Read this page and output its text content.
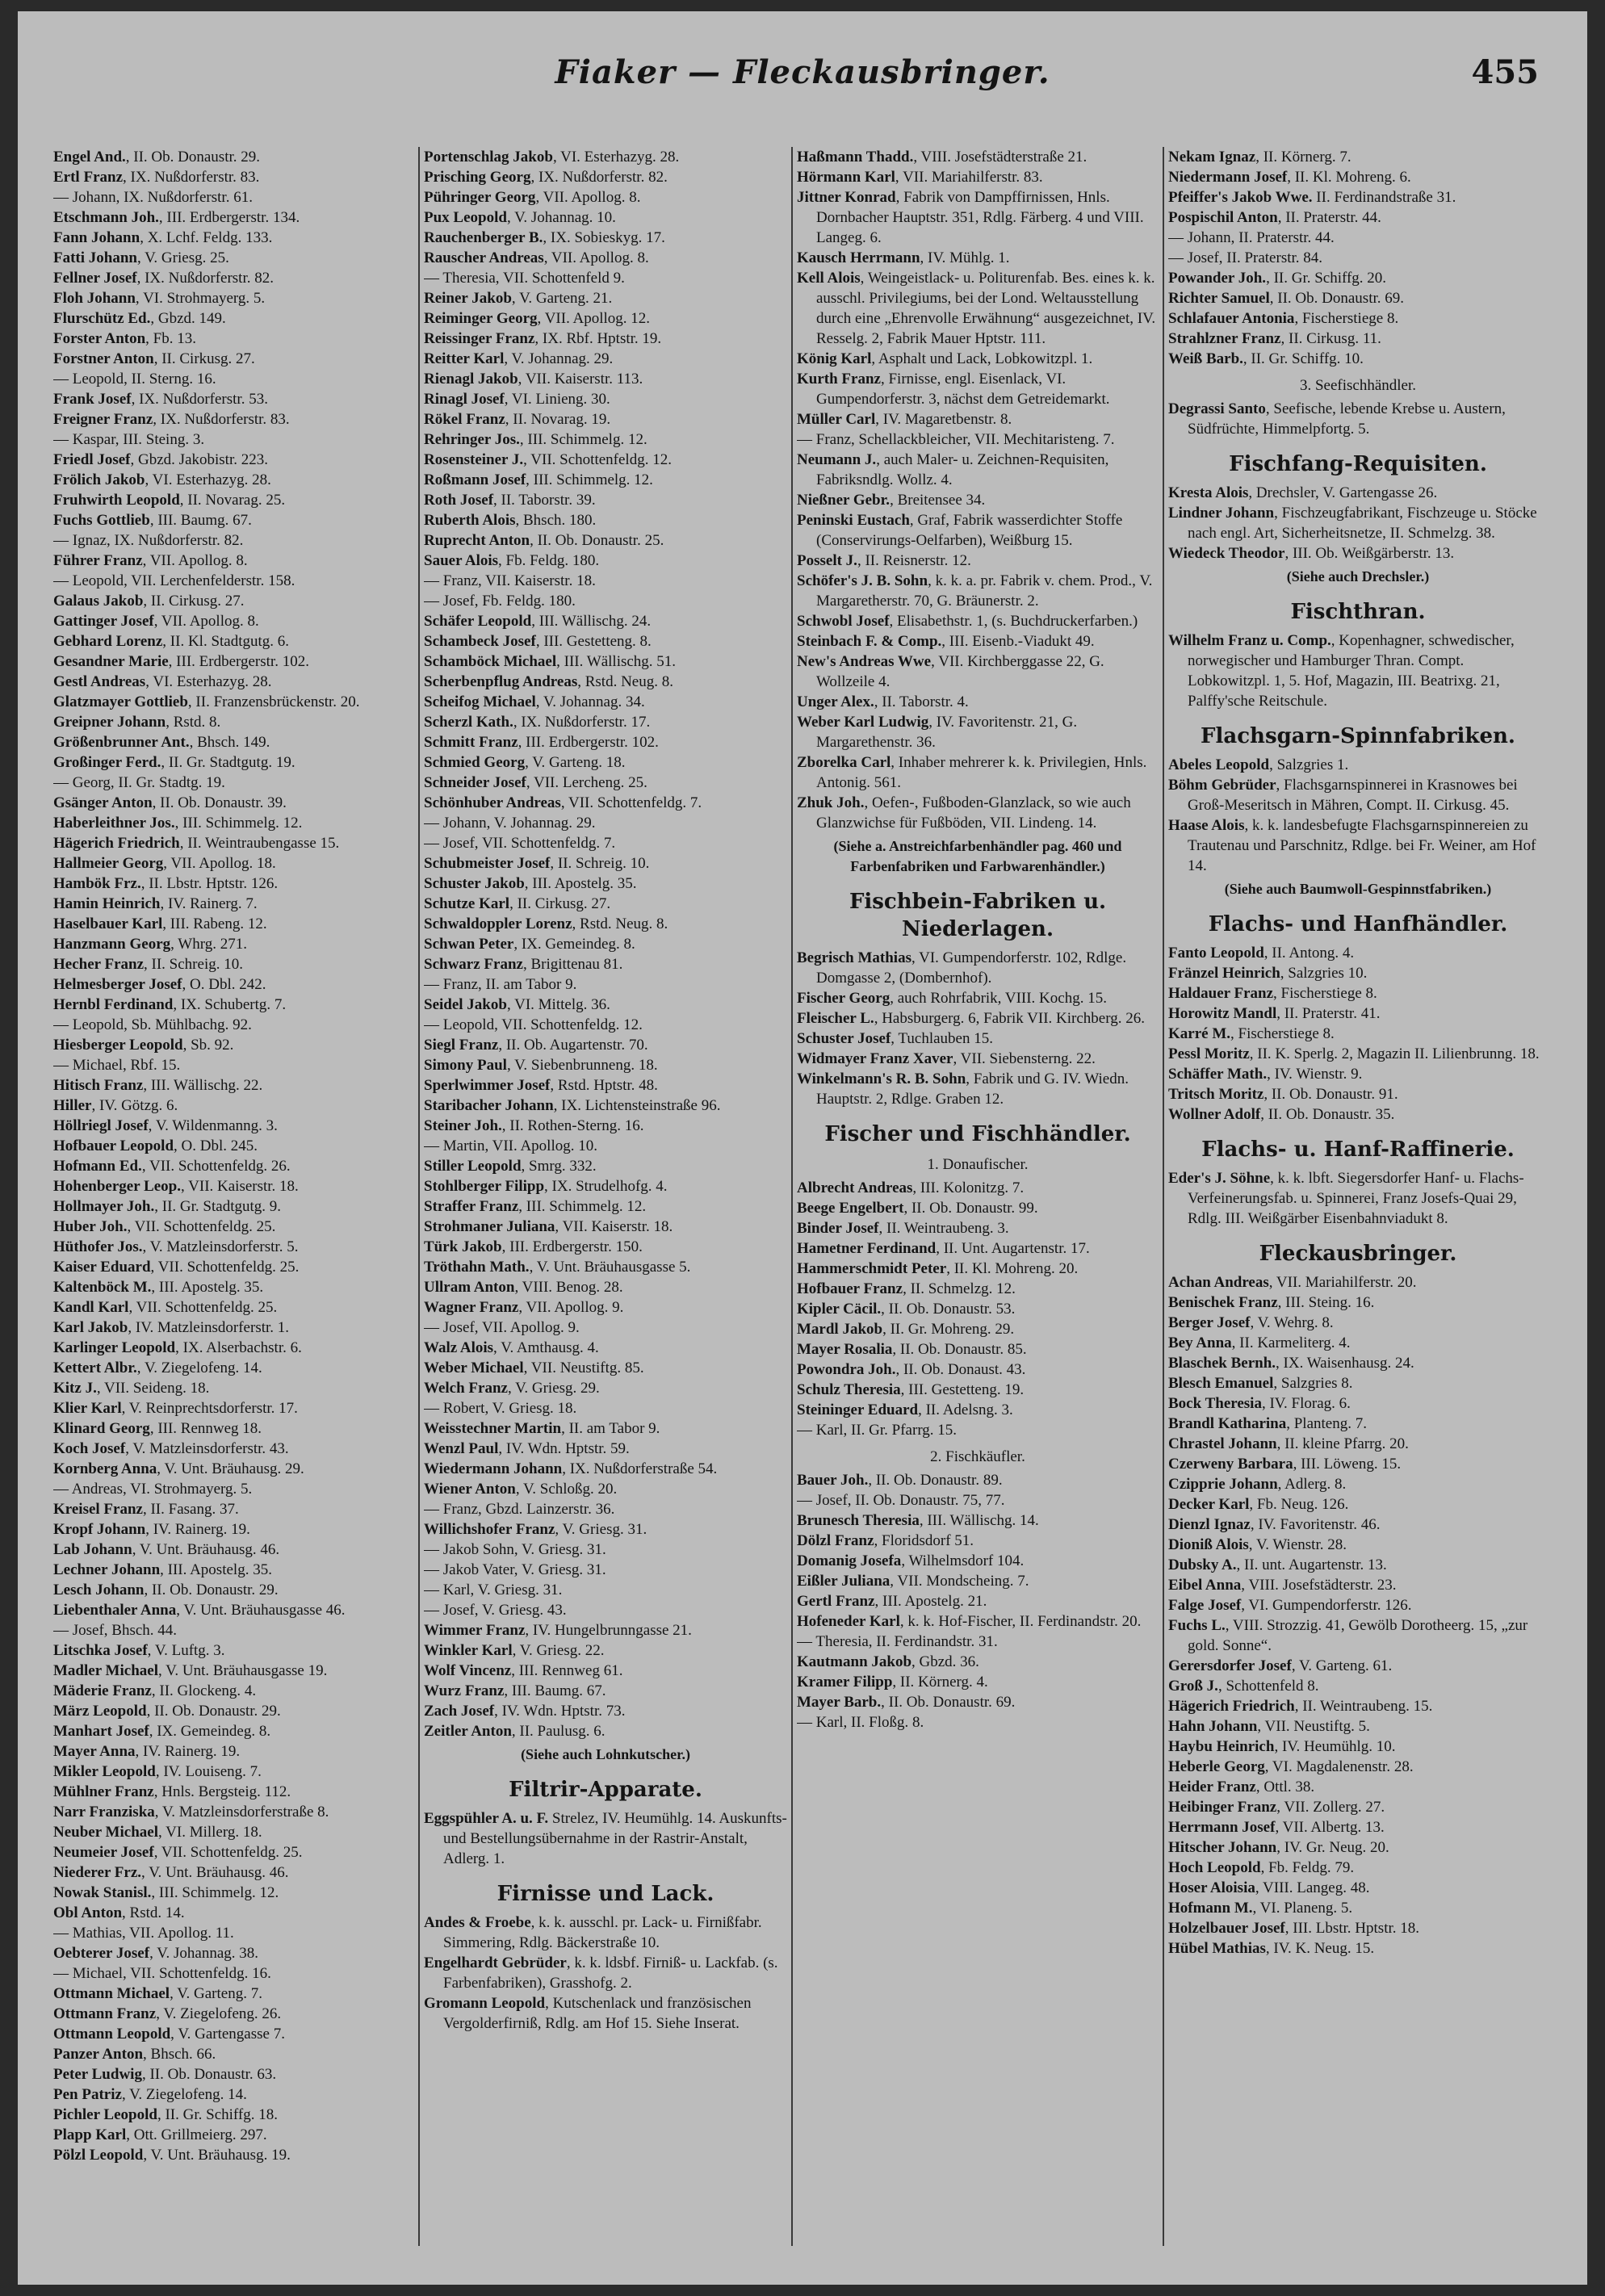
Fiaker — Fleckausbringer.	455
Engel And., II. Ob. Donaustr. 29.
Ertl Franz, IX. Nußdorferstr. 83.
— Johann, IX. Nußdorferstr. 61.
Etschmann Joh., III. Erdbergerstr. 134.
Fann Johann, X. Lchf. Feldg. 133.
Fatti Johann, V. Griesg. 25.
Fellner Josef, IX. Nußdorferstr. 82.
Floh Johann, VI. Strohmayerg. 5.
Flurschütz Ed., Gbzd. 149.
Forster Anton, Fb. 13.
Forstner Anton, II. Cirkusg. 27.
— Leopold, II. Sterng. 16.
Frank Josef, IX. Nußdorferstr. 53.
Freigner Franz, IX. Nußdorferstr. 83.
— Kaspar, III. Steing. 3.
Friedl Josef, Gbzd. Jakobistr. 223.
Frölich Jakob, VI. Esterhazyg. 28.
Fruhwirth Leopold, II. Novarag. 25.
Fuchs Gottlieb, III. Baumg. 67.
— Ignaz, IX. Nußdorferstr. 82.
Führer Franz, VII. Apollog. 8.
— Leopold, VII. Lerchenfelderstr. 158.
Galaus Jakob, II. Cirkusg. 27.
Gattinger Josef, VII. Apollog. 8.
Gebhard Lorenz, II. Kl. Stadtgutg. 6.
Gesandner Marie, III. Erdbergerstr. 102.
Gestl Andreas, VI. Esterhazyg. 28.
Glatzmayer Gottlieb, II. Franzensbrückenstr. 20.
Greipner Johann, Rstd. 8.
Größenbrunner Ant., Bhsch. 149.
Großinger Ferd., II. Gr. Stadtgutg. 19.
— Georg, II. Gr. Stadtg. 19.
Gsänger Anton, II. Ob. Donaustr. 39.
Haberleithner Jos., III. Schimmelg. 12.
Hägerich Friedrich, II. Weintraubengasse 15.
Hallmeier Georg, VII. Apollog. 18.
Hambök Frz., II. Lbstr. Hptstr. 126.
Hamin Heinrich, IV. Rainerg. 7.
Haselbauer Karl, III. Rabeng. 12.
Hanzmann Georg, Whrg. 271.
Hecher Franz, II. Schreig. 10.
Helmesberger Josef, O. Dbl. 242.
Hernbl Ferdinand, IX. Schubertg. 7.
— Leopold, Sb. Mühlbachg. 92.
Hiesberger Leopold, Sb. 92.
— Michael, Rbf. 15.
Hitisch Franz, III. Wällischg. 22.
Hiller, IV. Götzg. 6.
Höllriegl Josef, V. Wildenmanng. 3.
Hofbauer Leopold, O. Dbl. 245.
Hofmann Ed., VII. Schottenfeldg. 26.
Hohenberger Leop., VII. Kaiserstr. 18.
Hollmayer Joh., II. Gr. Stadtgutg. 9.
Huber Joh., VII. Schottenfeldg. 25.
Hüthofer Jos., V. Matzleinsdorferstr. 5.
Kaiser Eduard, VII. Schottenfeldg. 25.
Kaltenböck M., III. Apostelg. 35.
Kandl Karl, VII. Schottenfeldg. 25.
Karl Jakob, IV. Matzleinsdorferstr. 1.
Karlinger Leopold, IX. Alserbachstr. 6.
Kettert Albr., V. Ziegelofeng. 14.
Kitz J., VII. Seideng. 18.
Klier Karl, V. Reinprechtsdorferstr. 17.
Klinard Georg, III. Rennweg 18.
Koch Josef, V. Matzleinsdorferstr. 43.
Kornberg Anna, V. Unt. Bräuhausg. 29.
— Andreas, VI. Strohmayerg. 5.
Kreisel Franz, II. Fasang. 37.
Kropf Johann, IV. Rainerg. 19.
Lab Johann, V. Unt. Bräuhausg. 46.
Lechner Johann, III. Apostelg. 35.
Lesch Johann, II. Ob. Donaustr. 29.
Liebenthaler Anna, V. Unt. Bräuhausgasse 46.
— Josef, Bhsch. 44.
Litschka Josef, V. Luftg. 3.
Madler Michael, V. Unt. Bräuhausgasse 19.
Mäderie Franz, II. Glockeng. 4.
März Leopold, II. Ob. Donaustr. 29.
Manhart Josef, IX. Gemeindeg. 8.
Mayer Anna, IV. Rainerg. 19.
Mikler Leopold, IV. Louiseng. 7.
Mühlner Franz, Hnls. Bergsteig. 112.
Narr Franziska, V. Matzleinsdorferstraße 8.
Neuber Michael, VI. Millerg. 18.
Neumeier Josef, VII. Schottenfeldg. 25.
Niederer Frz., V. Unt. Bräuhausg. 46.
Nowak Stanisl., III. Schimmelg. 12.
Obl Anton, Rstd. 14.
— Mathias, VII. Apollog. 11.
Oebterer Josef, V. Johannag. 38.
— Michael, VII. Schottenfeldg. 16.
Ottmann Michael, V. Garteng. 7.
Ottmann Franz, V. Ziegelofeng. 26.
Ottmann Leopold, V. Gartengasse 7.
Panzer Anton, Bhsch. 66.
Peter Ludwig, II. Ob. Donaustr. 63.
Pen Patriz, V. Ziegelofeng. 14.
Pichler Leopold, II. Gr. Schiffg. 18.
Plapp Karl, Ott. Grillmeierg. 297.
Pölzl Leopold, V. Unt. Bräuhausg. 19.
Portenschlag Jakob, VI. Esterhazyg. 28.
Prisching Georg, IX. Nußdorferstr. 82.
Pühringer Georg, VII. Apollog. 8.
Pux Leopold, V. Johannag. 10.
Rauchenberger B., IX. Sobieskyg. 17.
Rauscher Andreas, VII. Apollog. 8.
— Theresia, VII. Schottenfeld 9.
Reiner Jakob, V. Garteng. 21.
Reiminger Georg, VII. Apollog. 12.
Reissinger Franz, IX. Rbf. Hptstr. 19.
Reitter Karl, V. Johannag. 29.
Rienagl Jakob, VII. Kaiserstr. 113.
Rinagl Josef, VI. Linieng. 30.
Rökel Franz, II. Novarag. 19.
Rehringer Jos., III. Schimmelg. 12.
Rosensteiner J., VII. Schottenfeldg. 12.
Roßmann Josef, III. Schimmelg. 12.
Roth Josef, II. Taborstr. 39.
Ruberth Alois, Bhsch. 180.
Ruprecht Anton, II. Ob. Donaustr. 25.
Sauer Alois, Fb. Feldg. 180.
— Franz, VII. Kaiserstr. 18.
— Josef, Fb. Feldg. 180.
Schäfer Leopold, III. Wällischg. 24.
Schambeck Josef, III. Gestetteng. 8.
Schamböck Michael, III. Wällischg. 51.
Scherbenpflug Andreas, Rstd. Neug. 8.
Scheifog Michael, V. Johannag. 34.
Scherzl Kath., IX. Nußdorferstr. 17.
Schmitt Franz, III. Erdbergerstr. 102.
Schmied Georg, V. Garteng. 18.
Schneider Josef, VII. Lercheng. 25.
Schönhuber Andreas, VII. Schottenfeldg. 7.
— Johann, V. Johannag. 29.
— Josef, VII. Schottenfeldg. 7.
Schubmeister Josef, II. Schreig. 10.
Schuster Jakob, III. Apostelg. 35.
Schutze Karl, II. Cirkusg. 27.
Schwaldoppler Lorenz, Rstd. Neug. 8.
Schwan Peter, IX. Gemeindeg. 8.
Schwarz Franz, Brigittenau 81.
— Franz, II. am Tabor 9.
Seidel Jakob, VI. Mittelg. 36.
— Leopold, VII. Schottenfeldg. 12.
Siegl Franz, II. Ob. Augartenstr. 70.
Simony Paul, V. Siebenbrunneng. 18.
Sperlwimmer Josef, Rstd. Hptstr. 48.
Staribacher Johann, IX. Lichtensteinstraße 96.
Steiner Joh., II. Rothen-Sterng. 16.
— Martin, VII. Apollog. 10.
Stiller Leopold, Smrg. 332.
Stohlberger Filipp, IX. Strudelhofg. 4.
Straffer Franz, III. Schimmelg. 12.
Strohmaner Juliana, VII. Kaiserstr. 18.
Türk Jakob, III. Erdbergerstr. 150.
Tröthahn Math., V. Unt. Bräuhausgasse 5.
Ullram Anton, VIII. Benog. 28.
Wagner Franz, VII. Apollog. 9.
— Josef, VII. Apollog. 9.
Walz Alois, V. Amthausg. 4.
Weber Michael, VII. Neustiftg. 85.
Welch Franz, V. Griesg. 29.
— Robert, V. Griesg. 18.
Weisstechner Martin, II. am Tabor 9.
Wenzl Paul, IV. Wdn. Hptstr. 59.
Wiedermann Johann, IX. Nußdorferstraße 54.
Wiener Anton, V. Schloßg. 20.
— Franz, Gbzd. Lainzerstr. 36.
Willichshofer Franz, V. Griesg. 31.
— Jakob Sohn, V. Griesg. 31.
— Jakob Vater, V. Griesg. 31.
— Karl, V. Griesg. 31.
— Josef, V. Griesg. 43.
Wimmer Franz, IV. Hungelbrunngasse 21.
Winkler Karl, V. Griesg. 22.
Wolf Vincenz, III. Rennweg 61.
Wurz Franz, III. Baumg. 67.
Zach Josef, IV. Wdn. Hptstr. 73.
Zeitler Anton, II. Paulusg. 6.
(Siehe auch Lohnkutscher.)
Filtrir-Apparate.
Eggspühler A. u. F. Strelez, IV. Heumühlg. 14. Auskunfts- und Bestellungsübernahme in der Rastrir-Anstalt, Adlerg. 1.
Firnisse und Lack.
Andes & Froebe, k. k. ausschl. pr. Lack- u. Firnißfabr. Simmering, Rdlg. Bäckerstraße 10.
Engelhardt Gebrüder, k. k. ldsbf. Firniß- u. Lackfab. (s. Farbenfabriken), Grasshofg. 2.
Gromann Leopold, Kutschenlack und französischen Vergolderfirniß, Rdlg. am Hof 15. Siehe Inserat.
Haßmann Thadd., VIII. Josefstädterstraße 21.
Hörmann Karl, VII. Mariahilferstr. 83.
Jittner Konrad, Fabrik von Dampffirnissen, Hnls. Dornbacher Hauptstr. 351, Rdlg. Färberg. 4 und VIII. Langeg. 6.
Kausch Herrmann, IV. Mühlg. 1.
Kell Alois, Weingeistlack- u. Politurenfab. Bes. eines k. k. ausschl. Privilegiums, bei der Lond. Weltausstellung durch eine „Ehrenvolle Erwähnung“ ausgezeichnet, IV. Resselg. 2, Fabrik Mauer Hptstr. 111.
König Karl, Asphalt und Lack, Lobkowitzpl. 1.
Kurth Franz, Firnisse, engl. Eisenlack, VI. Gumpendorferstr. 3, nächst dem Getreidemarkt.
Müller Carl, IV. Magaretbenstr. 8.
— Franz, Schellackbleicher, VII. Mechitaristeng. 7.
Neumann J., auch Maler- u. Zeichnen-Requisiten, Fabriksndlg. Wollz. 4.
Nießner Gebr., Breitensee 34.
Peninski Eustach, Graf, Fabrik wasserdichter Stoffe (Conservirungs-Oelfarben), Weißburg 15.
Posselt J., II. Reisnerstr. 12.
Schöfer's J. B. Sohn, k. k. a. pr. Fabrik v. chem. Prod., V. Margaretherstr. 70, G. Bräunerstr. 2.
Schwobl Josef, Elisabethstr. 1, (s. Buchdruckerfarben.)
Steinbach F. & Comp., III. Eisenb.-Viadukt 49.
New's Andreas Wwe, VII. Kirchberggasse 22, G. Wollzeile 4.
Unger Alex., II. Taborstr. 4.
Weber Karl Ludwig, IV. Favoritenstr. 21, G. Margarethenstr. 36.
Zborelka Carl, Inhaber mehrerer k. k. Privilegien, Hnls. Antonig. 561.
Zhuk Joh., Oefen-, Fußboden-Glanzlack, so wie auch Glanzwichse für Fußböden, VII. Lindeng. 14.
(Siehe a. Anstreichfarbenhändler pag. 460 und Farbenfabriken und Farbwarenhändler.)
Fischbein-Fabriken u. Niederlagen.
Begrisch Mathias, VI. Gumpendorferstr. 102, Rdlge. Domgasse 2, (Dombernhof).
Fischer Georg, auch Rohrfabrik, VIII. Kochg. 15.
Fleischer L., Habsburgerg. 6, Fabrik VII. Kirchberg. 26.
Schuster Josef, Tuchlauben 15.
Widmayer Franz Xaver, VII. Siebensterng. 22.
Winkelmann's R. B. Sohn, Fabrik und G. IV. Wiedn. Hauptstr. 2, Rdlge. Graben 12.
Fischer und Fischhändler.
1. Donaufischer.
Albrecht Andreas, III. Kolonitzg. 7.
Beege Engelbert, II. Ob. Donaustr. 99.
Binder Josef, II. Weintraubeng. 3.
Hametner Ferdinand, II. Unt. Augartenstr. 17.
Hammerschmidt Peter, II. Kl. Mohreng. 20.
Hofbauer Franz, II. Schmelzg. 12.
Kipler Cäcil., II. Ob. Donaustr. 53.
Mardl Jakob, II. Gr. Mohreng. 29.
Mayer Rosalia, II. Ob. Donaustr. 85.
Powondra Joh., II. Ob. Donaust. 43.
Schulz Theresia, III. Gestetteng. 19.
Steininger Eduard, II. Adelsng. 3.
— Karl, II. Gr. Pfarrg. 15.
2. Fischkäufler.
Bauer Joh., II. Ob. Donaustr. 89.
— Josef, II. Ob. Donaustr. 75, 77.
Brunesch Theresia, III. Wällischg. 14.
Dölzl Franz, Floridsdorf 51.
Domanig Josefa, Wilhelmsdorf 104.
Eißler Juliana, VII. Mondscheing. 7.
Gertl Franz, III. Apostelg. 21.
Hofeneder Karl, k. k. Hof-Fischer, II. Ferdinandstr. 20.
— Theresia, II. Ferdinandstr. 31.
Kautmann Jakob, Gbzd. 36.
Kramer Filipp, II. Körnerg. 4.
Mayer Barb., II. Ob. Donaustr. 69.
— Karl, II. Floßg. 8.
Nekam Ignaz, II. Körnerg. 7.
Niedermann Josef, II. Kl. Mohreng. 6.
Pfeiffer's Jakob Wwe. II. Ferdinandstraße 31.
Pospischil Anton, II. Praterstr. 44.
— Johann, II. Praterstr. 44.
— Josef, II. Praterstr. 84.
Powander Joh., II. Gr. Schiffg. 20.
Richter Samuel, II. Ob. Donaustr. 69.
Schlafauer Antonia, Fischerstiege 8.
Strahlzner Franz, II. Cirkusg. 11.
Weiß Barb., II. Gr. Schiffg. 10.
3. Seefischhändler.
Degrassi Santo, Seefische, lebende Krebse u. Austern, Südfrüchte, Himmelpfortg. 5.
Fischfang-Requisiten.
Kresta Alois, Drechsler, V. Gartengasse 26.
Lindner Johann, Fischzeugfabrikant, Fischzeuge u. Stöcke nach engl. Art, Sicherheitsnetze, II. Schmelzg. 38.
Wiedeck Theodor, III. Ob. Weißgärberstr. 13.
(Siehe auch Drechsler.)
Fischthran.
Wilhelm Franz u. Comp., Kopenhagner, schwedischer, norwegischer und Hamburger Thran. Compt. Lobkowitzpl. 1, 5. Hof, Magazin, III. Beatrixg. 21, Palffy'sche Reitschule.
Flachsgarn-Spinnfabriken.
Abeles Leopold, Salzgries 1.
Böhm Gebrüder, Flachsgarnspinnerei in Krasnowes bei Groß-Meseritsch in Mähren, Compt. II. Cirkusg. 45.
Haase Alois, k. k. landesbefugte Flachsgarnspinnereien zu Trautenau und Parschnitz, Rdlge. bei Fr. Weiner, am Hof 14.
(Siehe auch Baumwoll-Gespinnstfabriken.)
Flachs- und Hanfhändler.
Fanto Leopold, II. Antong. 4.
Fränzel Heinrich, Salzgries 10.
Haldauer Franz, Fischerstiege 8.
Horowitz Mandl, II. Praterstr. 41.
Karré M., Fischerstiege 8.
Pessl Moritz, II. K. Sperlg. 2, Magazin II. Lilienbrunng. 18.
Schäffer Math., IV. Wienstr. 9.
Tritsch Moritz, II. Ob. Donaustr. 91.
Wollner Adolf, II. Ob. Donaustr. 35.
Flachs- u. Hanf-Raffinerie.
Eder's J. Söhne, k. k. lbft. Siegersdorfer Hanf- u. Flachs-Verfeinerungsfab. u. Spinnerei, Franz Josefs-Quai 29, Rdlg. III. Weißgärber Eisenbahnviadukt 8.
Fleckausbringer.
Achan Andreas, VII. Mariahilferstr. 20.
Benischek Franz, III. Steing. 16.
Berger Josef, V. Wehrg. 8.
Bey Anna, II. Karmeliterg. 4.
Blaschek Bernh., IX. Waisenhausg. 24.
Blesch Emanuel, Salzgries 8.
Bock Theresia, IV. Florag. 6.
Brandl Katharina, Planteng. 7.
Chrastel Johann, II. kleine Pfarrg. 20.
Czerweny Barbara, III. Löweng. 15.
Czipprie Johann, Adlerg. 8.
Decker Karl, Fb. Neug. 126.
Dienzl Ignaz, IV. Favoritenstr. 46.
Dioniß Alois, V. Wienstr. 28.
Dubsky A., II. unt. Augartenstr. 13.
Eibel Anna, VIII. Josefstädterstr. 23.
Falge Josef, VI. Gumpendorferstr. 126.
Fuchs L., VIII. Strozzig. 41, Gewölb Dorotheerg. 15, „zur gold. Sonne“.
Gerersdorfer Josef, V. Garteng. 61.
Groß J., Schottenfeld 8.
Hägerich Friedrich, II. Weintraubeng. 15.
Hahn Johann, VII. Neustiftg. 5.
Haybu Heinrich, IV. Heumühlg. 10.
Heberle Georg, VI. Magdalenenstr. 28.
Heider Franz, Ottl. 38.
Heibinger Franz, VII. Zollerg. 27.
Herrmann Josef, VII. Albertg. 13.
Hitscher Johann, IV. Gr. Neug. 20.
Hoch Leopold, Fb. Feldg. 79.
Hoser Aloisia, VIII. Langeg. 48.
Hofmann M., VI. Planeng. 5.
Holzelbauer Josef, III. Lbstr. Hptstr. 18.
Hübel Mathias, IV. K. Neug. 15.
